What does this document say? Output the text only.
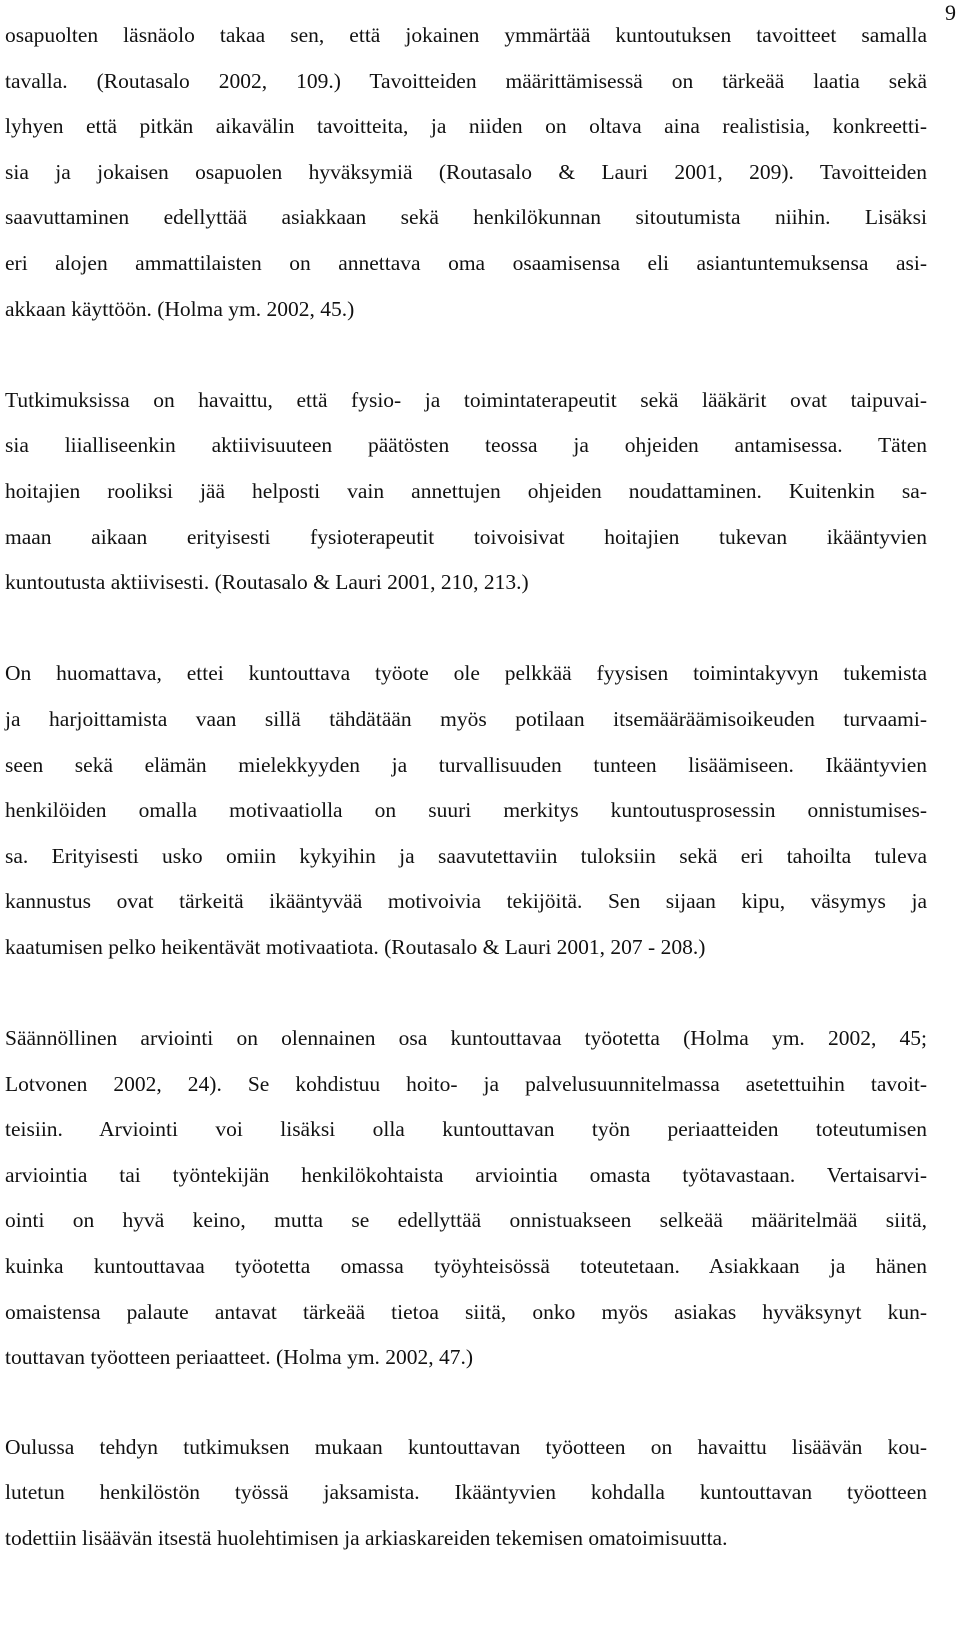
9
osapuolten läsnäolo takaa sen, että jokainen ymmärtää kuntoutuksen tavoitteet samalla
tavalla. (Routasalo 2002, 109.) Tavoitteiden määrittämisessä on tärkeää laatia sekä
lyhyen että pitkän aikavälin tavoitteita, ja niiden on oltava aina realistisia, konkreetti-
sia ja jokaisen osapuolen hyväksymiä (Routasalo & Lauri 2001, 209). Tavoitteiden
saavuttaminen edellyttää asiakkaan sekä henkilökunnan sitoutumista niihin. Lisäksi
eri alojen ammattilaisten on annettava oma osaamisensa eli asiantuntemuksensa asi-
akkaan käyttöön. (Holma ym. 2002, 45.)
Tutkimuksissa on havaittu, että fysio- ja toimintaterapeutit sekä lääkärit ovat taipuvai-
sia liialliseenkin aktiivisuuteen päätösten teossa ja ohjeiden antamisessa. Täten
hoitajien rooliksi jää helposti vain annettujen ohjeiden noudattaminen. Kuitenkin sa-
maan aikaan erityisesti fysioterapeutit toivoisivat hoitajien tukevan ikääntyvien
kuntoutusta aktiivisesti. (Routasalo & Lauri 2001, 210, 213.)
On huomattava, ettei kuntouttava työote ole pelkkää fyysisen toimintakyvyn tukemista
ja harjoittamista vaan sillä tähdätään myös potilaan itsemääräämisoikeuden turvaami-
seen sekä elämän mielekkyyden ja turvallisuuden tunteen lisäämiseen. Ikääntyvien
henkilöiden omalla motivaatiolla on suuri merkitys kuntoutusprosessin onnistumises-
sa. Erityisesti usko omiin kykyihin ja saavutettaviin tuloksiin sekä eri tahoilta tuleva
kannustus ovat tärkeitä ikääntyvää motivoivia tekijöitä. Sen sijaan kipu, väsymys ja
kaatumisen pelko heikentävät motivaatiota. (Routasalo & Lauri 2001, 207 - 208.)
Säännöllinen arviointi on olennainen osa kuntouttavaa työotetta (Holma ym. 2002, 45;
Lotvonen 2002, 24). Se kohdistuu hoito- ja palvelusuunnitelmassa asetettuihin tavoit-
teisiin. Arviointi voi lisäksi olla kuntouttavan työn periaatteiden toteutumisen
arviointia tai työntekijän henkilökohtaista arviointia omasta työtavastaan. Vertaisarvi-
ointi on hyvä keino, mutta se edellyttää onnistuakseen selkeää määritelmää siitä,
kuinka kuntouttavaa työotetta omassa työyhteisössä toteutetaan. Asiakkaan ja hänen
omaistensa palaute antavat tärkeää tietoa siitä, onko myös asiakas hyväksynyt kun-
touttavan työotteen periaatteet. (Holma ym. 2002, 47.)
Oulussa tehdyn tutkimuksen mukaan kuntouttavan työotteen on havaittu lisäävän kou-
lutetun henkilöstön työssä jaksamista. Ikääntyvien kohdalla kuntouttavan työotteen
todettiin lisäävän itsestä huolehtimisen ja arkiaskareiden tekemisen omatoimisuutta.
